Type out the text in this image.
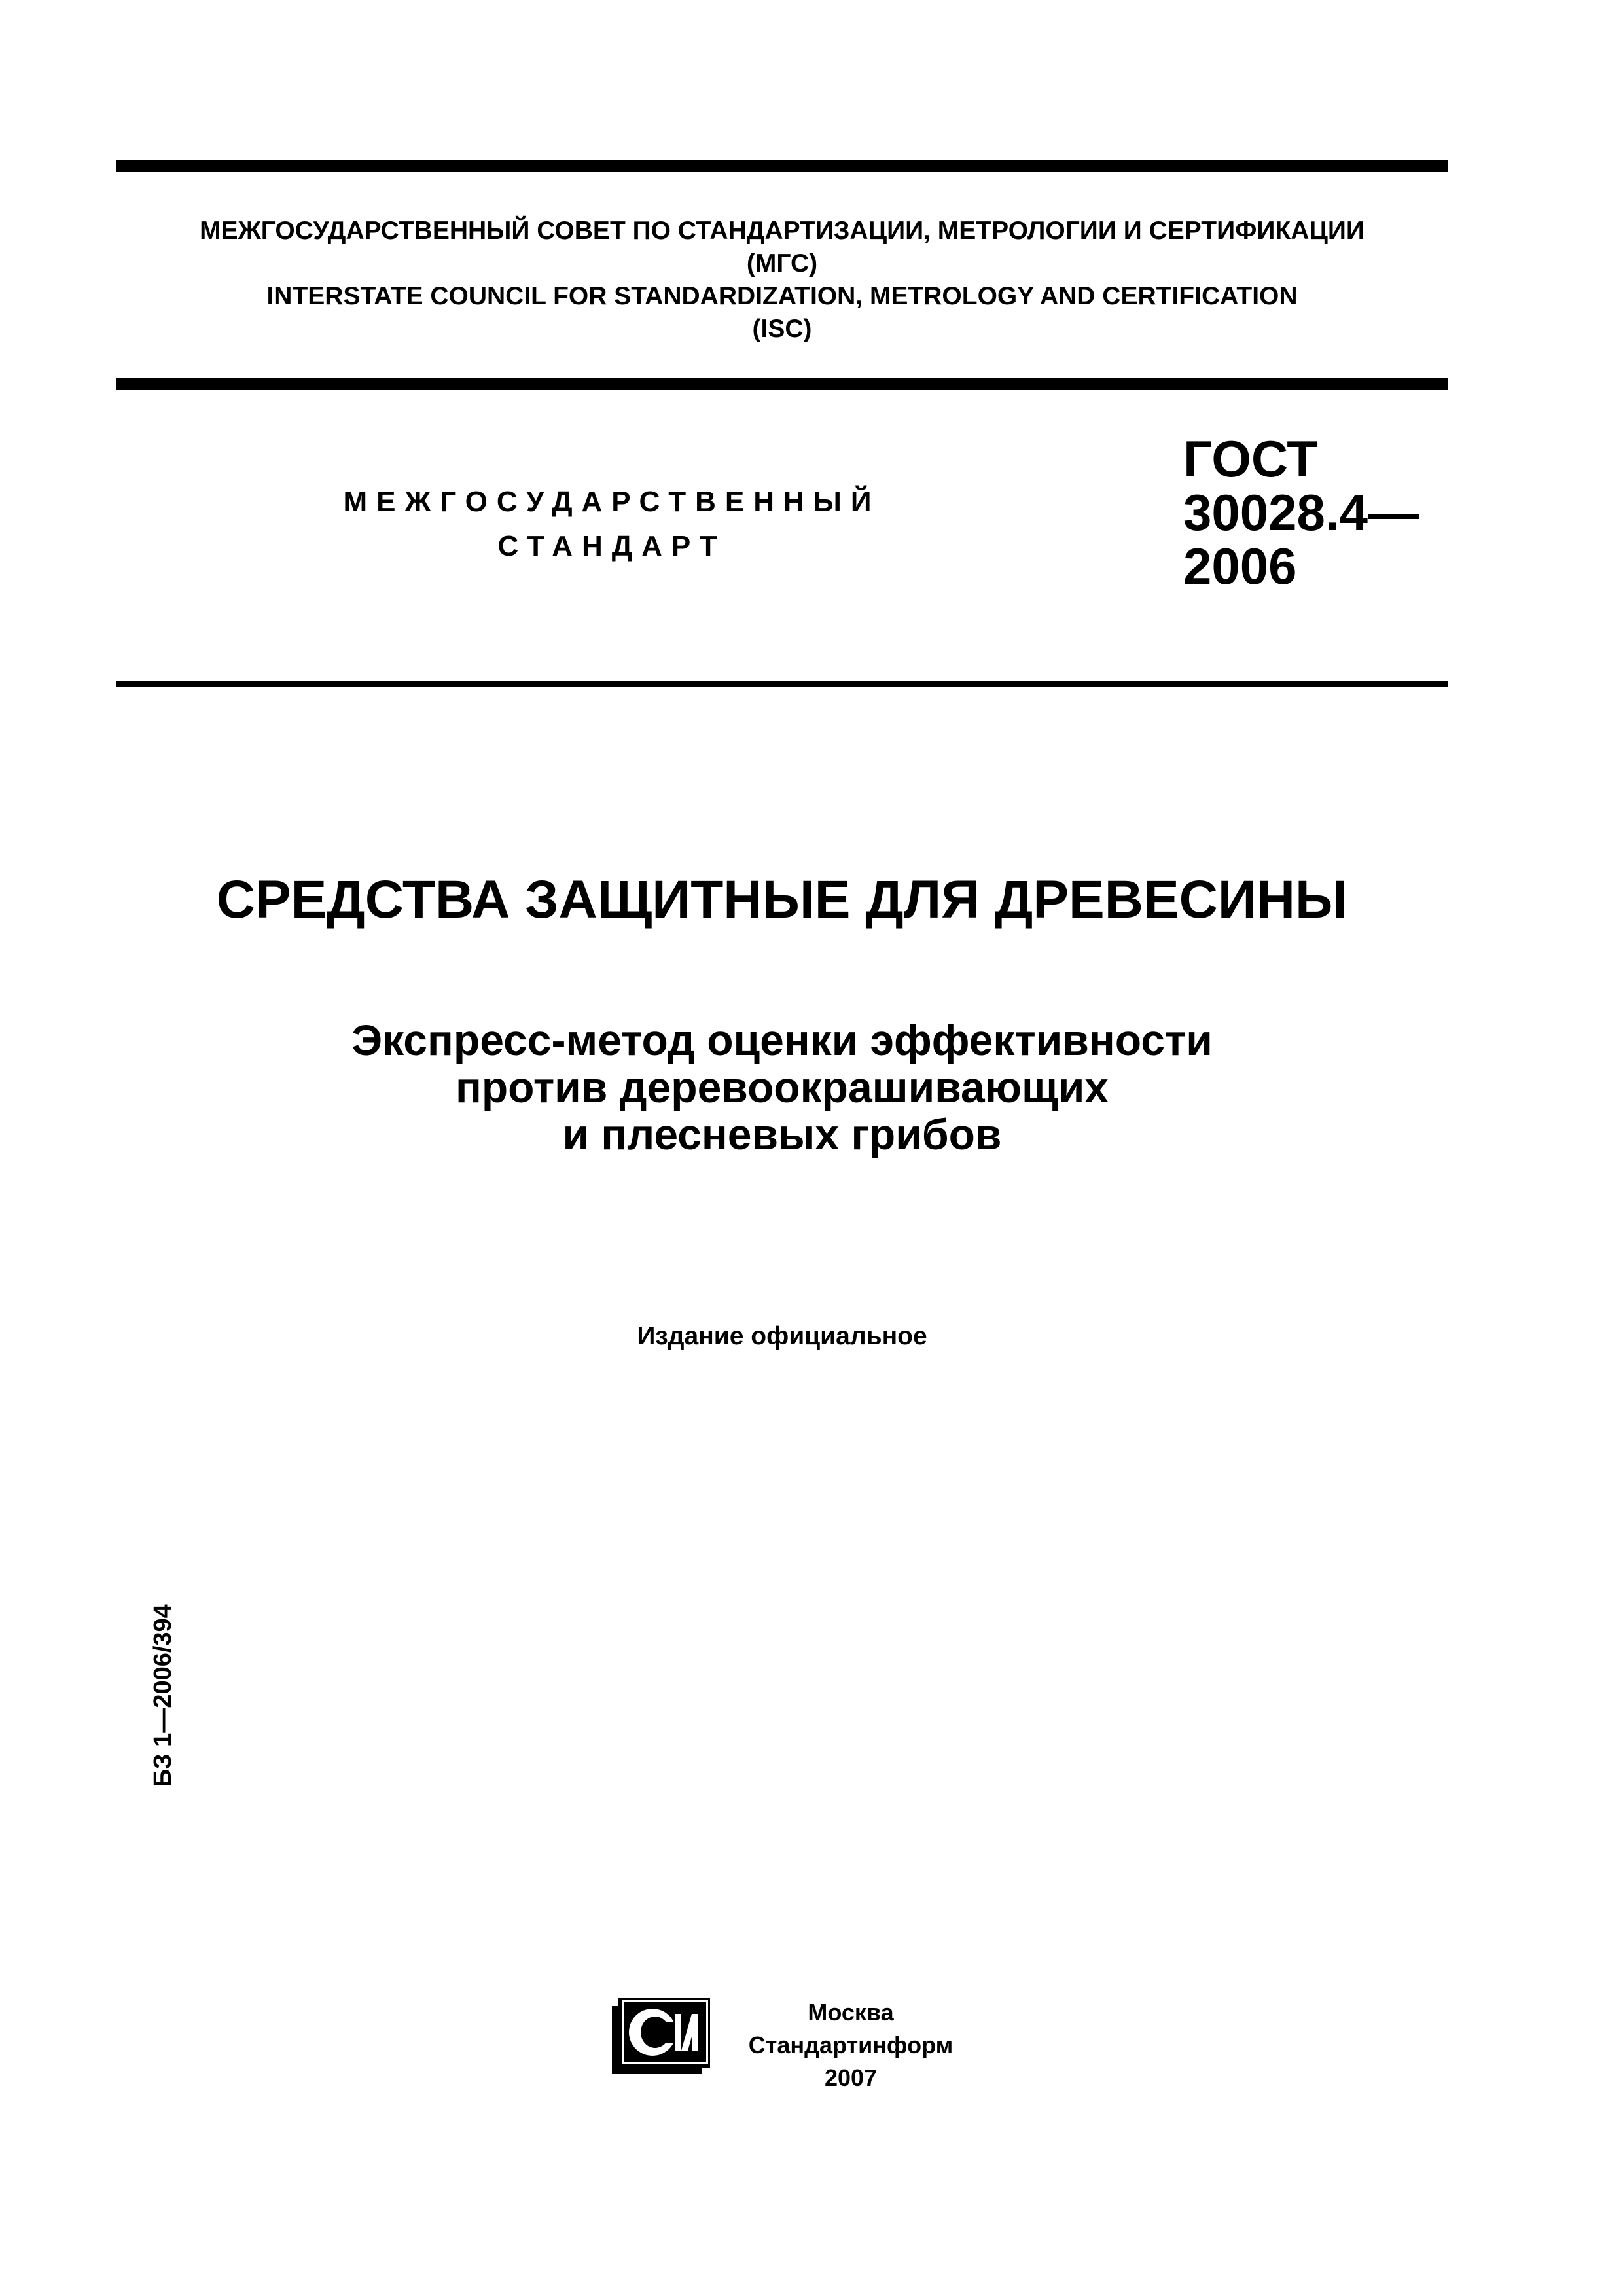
МЕЖГОСУДАРСТВЕННЫЙ СОВЕТ ПО СТАНДАРТИЗАЦИИ, МЕТРОЛОГИИ И СЕРТИФИКАЦИИ
(МГС)
INTERSTATE COUNCIL FOR STANDARDIZATION, METROLOGY AND CERTIFICATION
(ISC)
МЕЖГОСУДАРСТВЕННЫЙ
СТАНДАРТ
ГОСТ
30028.4—
2006
СРЕДСТВА ЗАЩИТНЫЕ ДЛЯ ДРЕВЕСИНЫ
Экспресс-метод оценки эффективности
против деревоокрашивающих
и плесневых грибов
Издание официальное
БЗ 1—2006/394
Москва
Стандартинформ
2007
